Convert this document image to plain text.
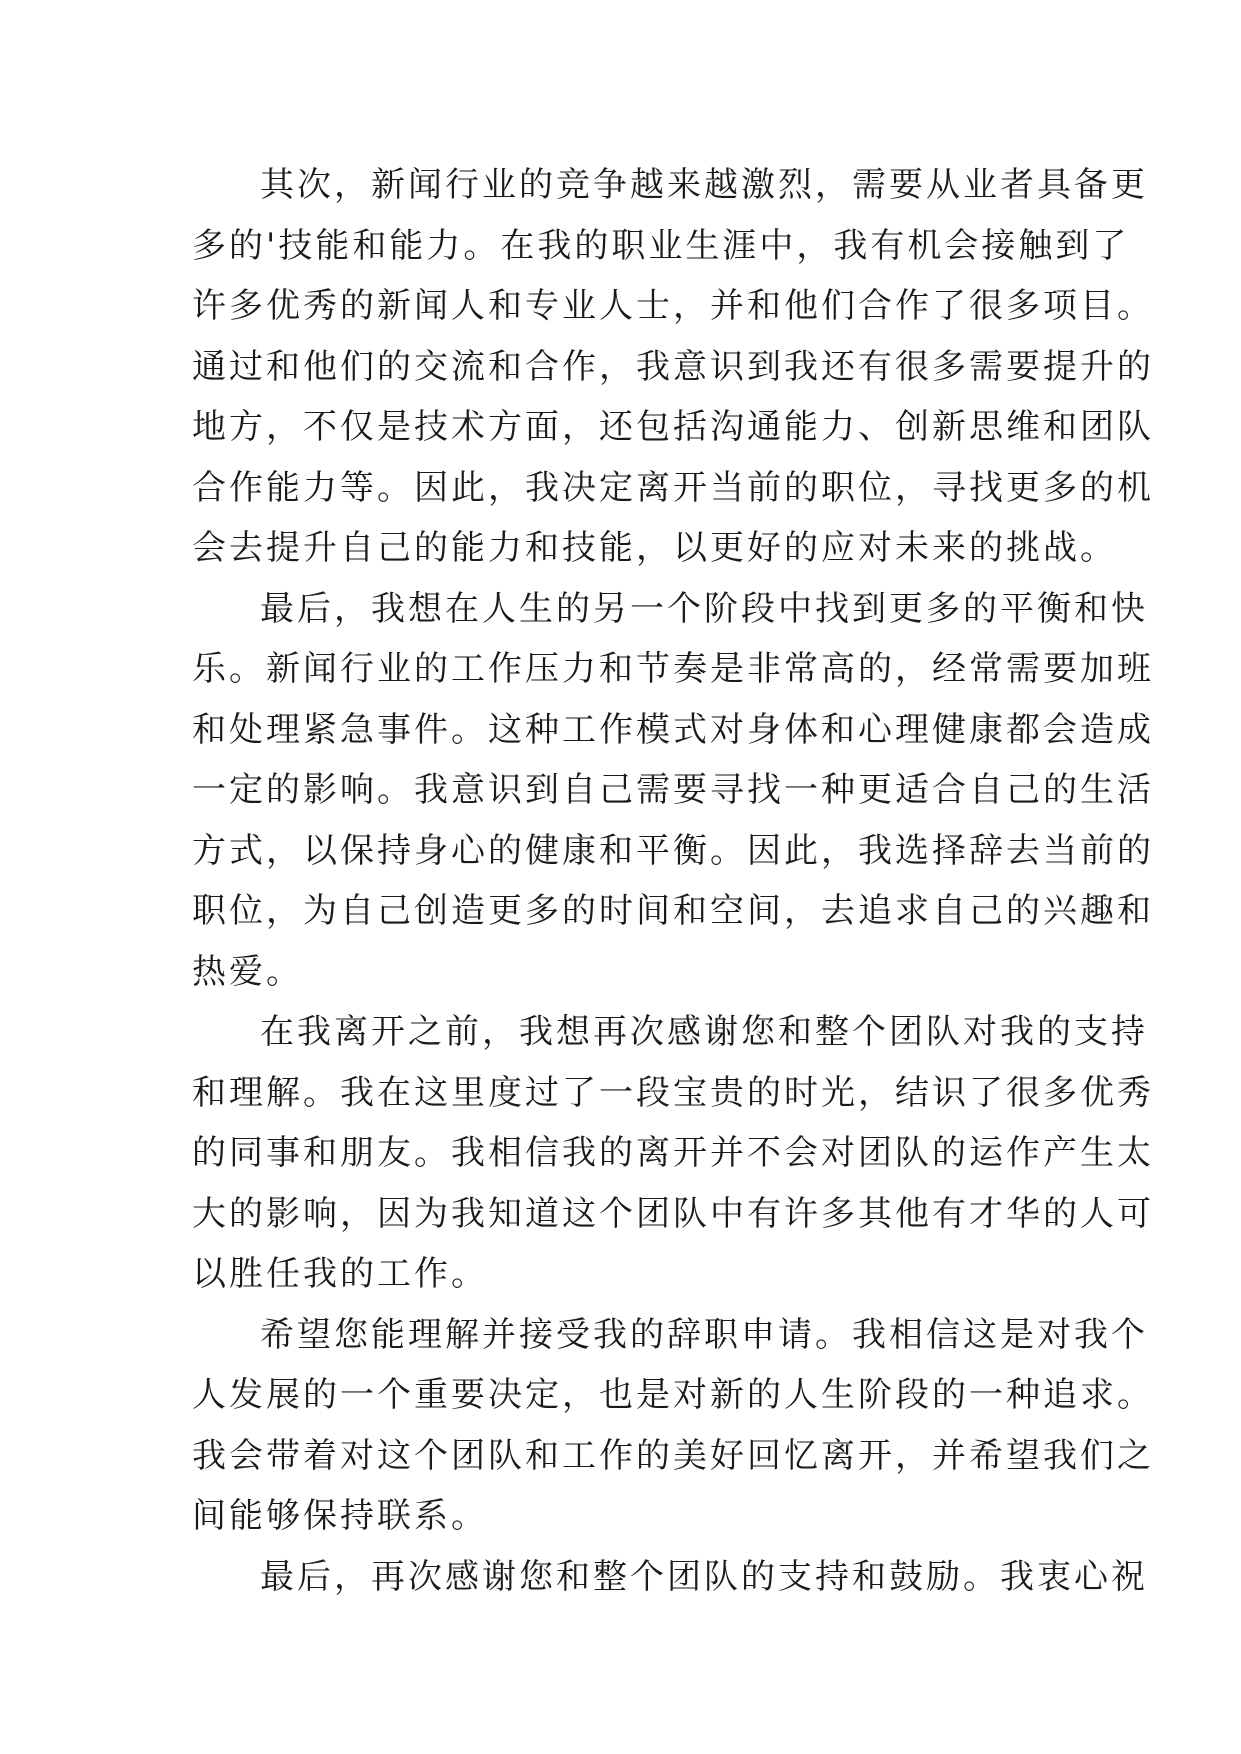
其次，新闻行业的竞争越来越激烈，需要从业者具备更
多的'技能和能力。在我的职业生涯中，我有机会接触到了
许多优秀的新闻人和专业人士，并和他们合作了很多项目。
通过和他们的交流和合作，我意识到我还有很多需要提升的
地方，不仅是技术方面，还包括沟通能力、创新思维和团队
合作能力等。因此，我决定离开当前的职位，寻找更多的机
会去提升自己的能力和技能，以更好的应对未来的挑战。

最后，我想在人生的另一个阶段中找到更多的平衡和快
乐。新闻行业的工作压力和节奏是非常高的，经常需要加班
和处理紧急事件。这种工作模式对身体和心理健康都会造成
一定的影响。我意识到自己需要寻找一种更适合自己的生活
方式，以保持身心的健康和平衡。因此，我选择辞去当前的
职位，为自己创造更多的时间和空间，去追求自己的兴趣和
热爱。

在我离开之前，我想再次感谢您和整个团队对我的支持
和理解。我在这里度过了一段宝贵的时光，结识了很多优秀
的同事和朋友。我相信我的离开并不会对团队的运作产生太
大的影响，因为我知道这个团队中有许多其他有才华的人可
以胜任我的工作。

希望您能理解并接受我的辞职申请。我相信这是对我个
人发展的一个重要决定，也是对新的人生阶段的一种追求。
我会带着对这个团队和工作的美好回忆离开，并希望我们之
间能够保持联系。

最后，再次感谢您和整个团队的支持和鼓励。我衷心祝
